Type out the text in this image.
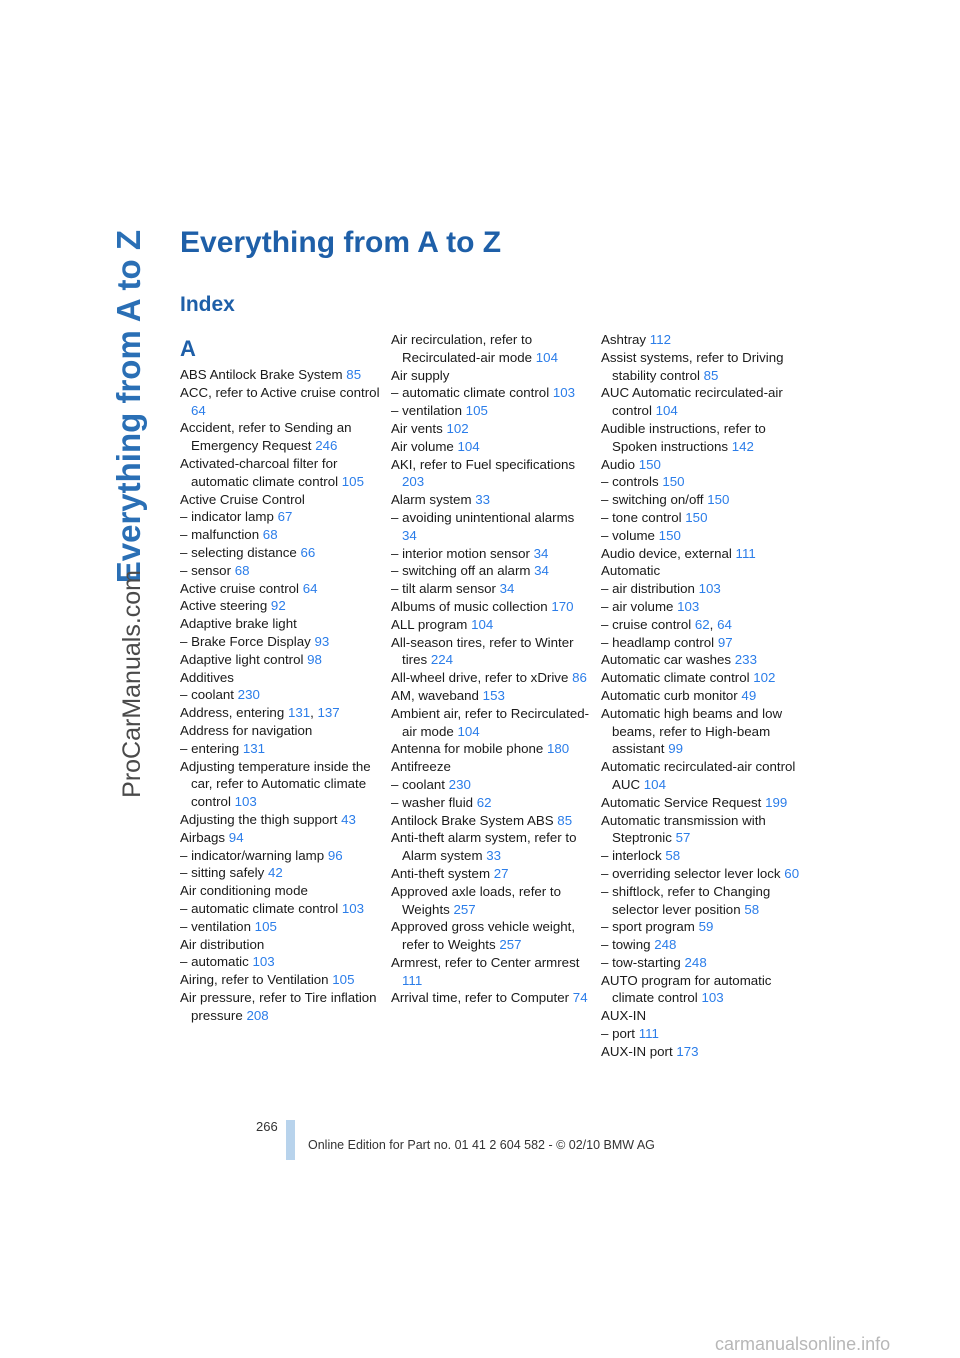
Everything from A to Z
ProCarManuals.com
Everything from A to Z
Index
A
ABS Antilock Brake System 85
ACC, refer to Active cruise control 64
Accident, refer to Sending an Emergency Request 246
Activated-charcoal filter for automatic climate control 105
Active Cruise Control
– indicator lamp 67
– malfunction 68
– selecting distance 66
– sensor 68
Active cruise control 64
Active steering 92
Adaptive brake light
– Brake Force Display 93
Adaptive light control 98
Additives
– coolant 230
Address, entering 131, 137
Address for navigation
– entering 131
Adjusting temperature inside the car, refer to Automatic climate control 103
Adjusting the thigh support 43
Airbags 94
– indicator/warning lamp 96
– sitting safely 42
Air conditioning mode
– automatic climate control 103
– ventilation 105
Air distribution
– automatic 103
Airing, refer to Ventilation 105
Air pressure, refer to Tire inflation pressure 208
Air recirculation, refer to Recirculated-air mode 104
Air supply
– automatic climate control 103
– ventilation 105
Air vents 102
Air volume 104
AKI, refer to Fuel specifications 203
Alarm system 33
– avoiding unintentional alarms 34
– interior motion sensor 34
– switching off an alarm 34
– tilt alarm sensor 34
Albums of music collection 170
ALL program 104
All-season tires, refer to Winter tires 224
All-wheel drive, refer to xDrive 86
AM, waveband 153
Ambient air, refer to Recirculated-air mode 104
Antenna for mobile phone 180
Antifreeze
– coolant 230
– washer fluid 62
Antilock Brake System ABS 85
Anti-theft alarm system, refer to Alarm system 33
Anti-theft system 27
Approved axle loads, refer to Weights 257
Approved gross vehicle weight, refer to Weights 257
Armrest, refer to Center armrest 111
Arrival time, refer to Computer 74
Ashtray 112
Assist systems, refer to Driving stability control 85
AUC Automatic recirculated-air control 104
Audible instructions, refer to Spoken instructions 142
Audio 150
– controls 150
– switching on/off 150
– tone control 150
– volume 150
Audio device, external 111
Automatic
– air distribution 103
– air volume 103
– cruise control 62, 64
– headlamp control 97
Automatic car washes 233
Automatic climate control 102
Automatic curb monitor 49
Automatic high beams and low beams, refer to High-beam assistant 99
Automatic recirculated-air control AUC 104
Automatic Service Request 199
Automatic transmission with Steptronic 57
– interlock 58
– overriding selector lever lock 60
– shiftlock, refer to Changing selector lever position 58
– sport program 59
– towing 248
– tow-starting 248
AUTO program for automatic climate control 103
AUX-IN
– port 111
AUX-IN port 173
266
Online Edition for Part no. 01 41 2 604 582 - © 02/10 BMW AG
carmanualsonline.info
